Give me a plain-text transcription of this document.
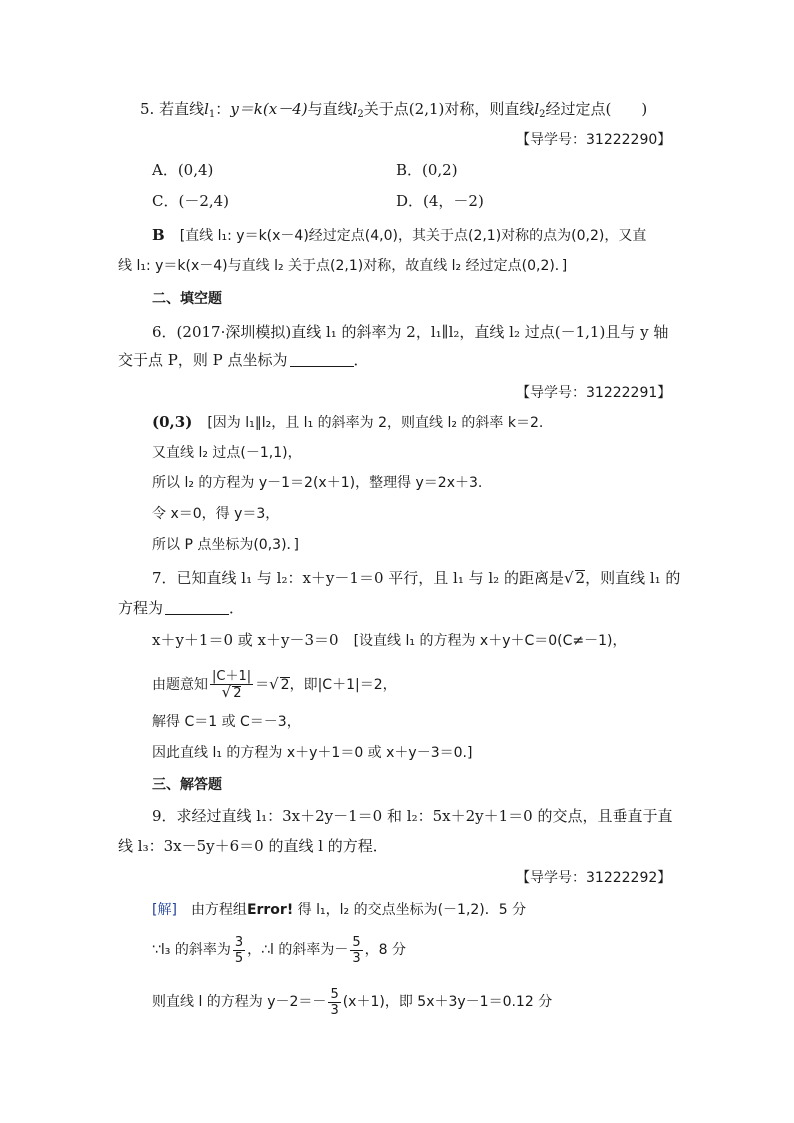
5. 若直线$l_1$：y＝k(x－4)与直线$l_2$关于点(2,1)对称，则直线$l_2$经过定点(　　)
【导学号：31222290】
A．(0,4)	B．(0,2)
C．(－2,4)	D．(4，－2)
B　 [直线 l₁: y＝k(x－4)经过定点(4,0)，其关于点(2,1)对称的点为(0,2)，又直
线 l₁: y＝k(x－4)与直线 l₂ 关于点(2,1)对称，故直线 l₂ 经过定点(0,2)．]
二、填空题
6．(2017·深圳模拟)直线 l₁ 的斜率为 2，l₁∥l₂，直线 l₂ 过点(－1,1)且与 y 轴
交于点 P，则 P 点坐标为	．
【导学号：31222291】
(0,3)　 [因为 l₁∥l₂，且 l₁ 的斜率为 2，则直线 l₂ 的斜率 k＝2.
又直线 l₂ 过点(－1,1)，
所以 l₂ 的方程为 y－1＝2(x＋1)，整理得 y＝2x＋3.
令 x＝0，得 y＝3，
所以 P 点坐标为(0,3)．]
7．已知直线 l₁ 与 l₂：x＋y－1＝0 平行，且 l₁ 与 l₂ 的距离是√ 2，则直线 l₁ 的
方程为	．
x＋y＋1＝0 或 x＋y－3＝0　 [设直线 l₁ 的方程为 x＋y＋C＝0(C≠－1)，
由题意知 $\frac{|C+1|}{√ 2}$ ＝√ 2，即|C＋1|＝2，
解得 C＝1 或 C＝－3，
因此直线 l₁ 的方程为 x＋y＋1＝0 或 x＋y－3＝0.]
三、解答题
9．求经过直线 l₁：3x＋2y－1＝0 和 l₂：5x＋2y＋1＝0 的交点，且垂直于直
线 l₃：3x－5y＋6＝0 的直线 l 的方程．
【导学号：31222292】
[解]　 由方程组Error! 得 l₁，l₂ 的交点坐标为(－1,2)．5 分
∵l₃ 的斜率为 $\frac{3}{5}$ ，∴l 的斜率为－ $\frac{5}{3}$ ，8 分
则直线 l 的方程为 $y-2=- \frac{5}{3} (x+1)$，即 5x＋3y－1＝0.12 分
